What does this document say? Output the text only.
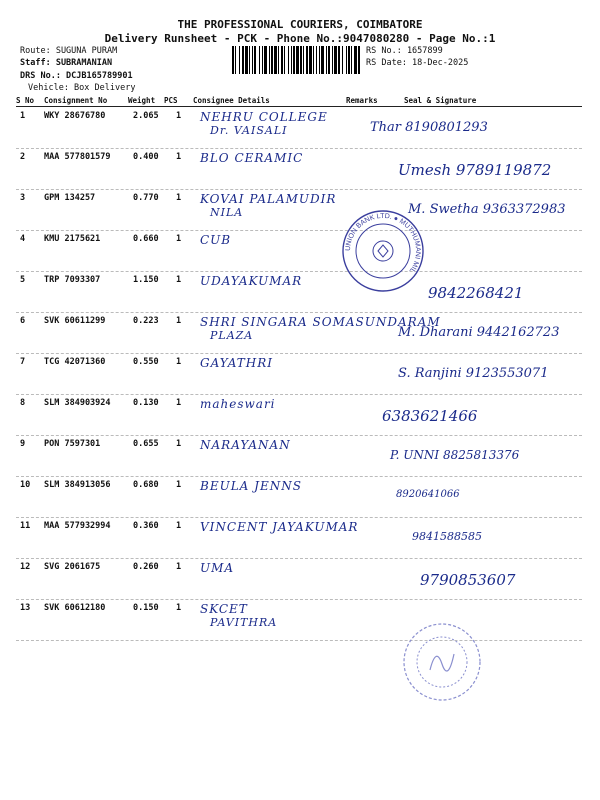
THE PROFESSIONAL COURIERS, COIMBATORE
Delivery Runsheet - PCK - Phone No.:9047080280 - Page No.:1
Route: SUGUNA PURAM
Staff: SUBRAMANIAN
DRS No.: DCJB165789901
Vehicle: Box Delivery
RS No.: 1657899
RS Date: 18-Dec-2025
S No Consignment No	Weight PCS Consignee Details	Remarks	Seal & Signature
1 WKY 28676780	2.065 1 NEHRU COLLEGE
Dr. VAISALI	Thar 8190801293
2 MAA 577801579	0.400 1 BLO CERAMIC
Umesh 9789119872
3 GPM 134257	0.770 1 KOVAI PALAMUDIR
NILA	M. Swetha 9363372983
4 KMU 2175621	0.660 1 CUB
5 TRP 7093307	1.150 1 UDAYAKUMAR
9842268421
6 SVK 60611299	0.223 1 SHRI SINGARA SOMASUNDARAM
PLAZA	M. Dharani 9442162723
7 TCG 42071360	0.550 1 GAYATHRI
S. Ranjini 9123553071
8 SLM 384903924	0.130 1 maheswari
6383621466
9 PON 7597301	0.655 1 NARAYANAN
P. UNNI 8825813376
10 SLM 384913056	0.680 1 BEULA JENNS
8920641066
11 MAA 577932994	0.360 1 VINCENT JAYAKUMAR
9841588585
12 SVG 2061675	0.260 1 UMA
9790853607
13 SVK 60612180	0.150 1 SKCET
PAVITHRA
UNION BANK LTD. ● MUTHUMANI MIL
